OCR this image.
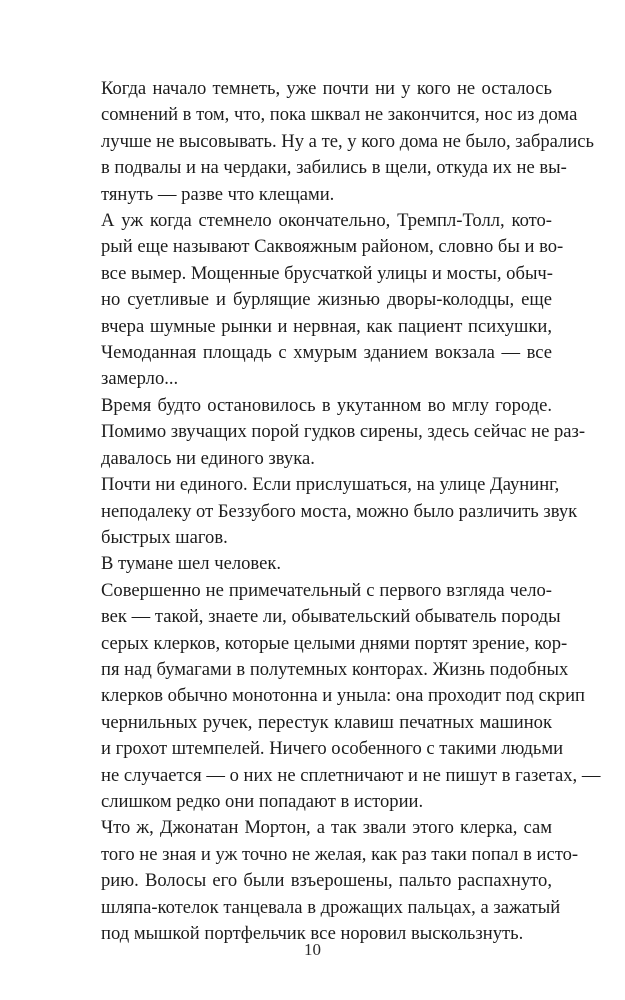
Когда начало темнеть, уже почти ни у кого не осталось
сомнений в том, что, пока шквал не закончится, нос из дома
лучше не высовывать. Ну а те, у кого дома не было, забрались
в подвалы и на чердаки, забились в щели, откуда их не вы-
тянуть — разве что клещами.

А уж когда стемнело окончательно, Тремпл-Толл, кото-
рый еще называют Саквояжным районом, словно бы и во-
все вымер. Мощенные брусчаткой улицы и мосты, обыч-
но суетливые и бурлящие жизнью дворы-колодцы, еще
вчера шумные рынки и нервная, как пациент психушки,
Чемоданная площадь с хмурым зданием вокзала — все
замерло...

Время будто остановилось в укутанном во мглу городе.
Помимо звучащих порой гудков сирены, здесь сейчас не раз-
давалось ни единого звука.

Почти ни единого. Если прислушаться, на улице Даунинг,
неподалеку от Беззубого моста, можно было различить звук
быстрых шагов.

В тумане шел человек.

Совершенно не примечательный с первого взгляда чело-
век — такой, знаете ли, обывательский обыватель породы
серых клерков, которые целыми днями портят зрение, кор-
пя над бумагами в полутемных конторах. Жизнь подобных
клерков обычно монотонна и уныла: она проходит под скрип
чернильных ручек, перестук клавиш печатных машинок
и грохот штемпелей. Ничего особенного с такими людьми
не случается — о них не сплетничают и не пишут в газетах, —
слишком редко они попадают в истории.

Что ж, Джонатан Мортон, а так звали этого клерка, сам
того не зная и уж точно не желая, как раз таки попал в исто-
рию. Волосы его были взъерошены, пальто распахнуто,
шляпа-котелок танцевала в дрожащих пальцах, а зажатый
под мышкой портфельчик все норовил выскользнуть.

10
